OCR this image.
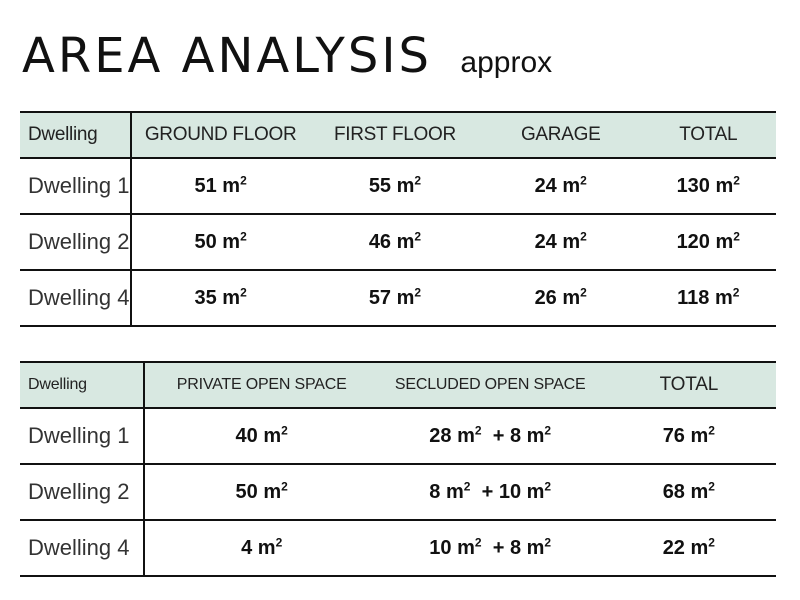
AREA ANALYSIS approx
Dwelling	GROUND FLOOR	FIRST FLOOR	GARAGE	TOTAL
Dwelling 1	51 $m^2$	55 $m^2$	24 $m^2$	130 $m^2$
Dwelling 2	50 $m^2$	46 $m^2$	24 $m^2$	120 $m^2$
Dwelling 4	35 $m^2$	57 $m^2$	26 $m^2$	118 $m^2$
Dwelling	PRIVATE OPEN SPACE	SECLUDED OPEN SPACE	TOTAL
Dwelling 1	40 $m^2$	28 $m^2 + 8$ $m^2$	76 $m^2$
Dwelling 2	50 $m^2$	8 $m^2 + 10$ $m^2$	68 $m^2$
Dwelling 4	4 $m^2$	10 $m^2 + 8$ $m^2$	22 $m^2$
